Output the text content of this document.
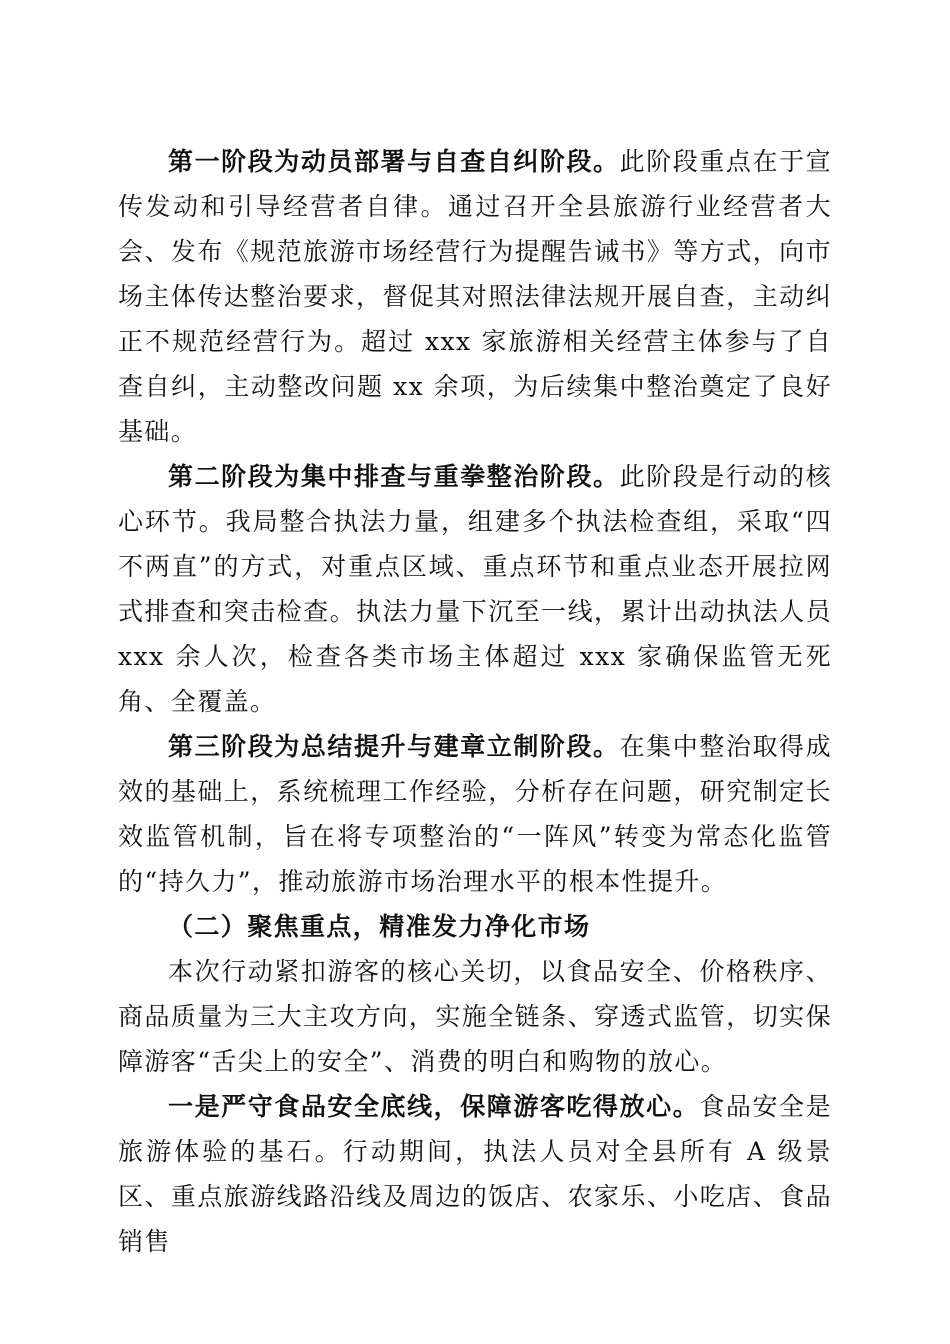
第一阶段为动员部署与自查自纠阶段。此阶段重点在于宣传发动和引导经营者自律。通过召开全县旅游行业经营者大会、发布《规范旅游市场经营行为提醒告诫书》等方式，向市场主体传达整治要求，督促其对照法律法规开展自查，主动纠正不规范经营行为。超过 xxx 家旅游相关经营主体参与了自查自纠，主动整改问题 xx 余项，为后续集中整治奠定了良好基础。

第二阶段为集中排查与重拳整治阶段。此阶段是行动的核心环节。我局整合执法力量，组建多个执法检查组，采取“四不两直”的方式，对重点区域、重点环节和重点业态开展拉网式排查和突击检查。执法力量下沉至一线，累计出动执法人员 xxx 余人次，检查各类市场主体超过 xxx 家确保监管无死角、全覆盖。

第三阶段为总结提升与建章立制阶段。在集中整治取得成效的基础上，系统梳理工作经验，分析存在问题，研究制定长效监管机制，旨在将专项整治的“一阵风”转变为常态化监管的“持久力”，推动旅游市场治理水平的根本性提升。

（二）聚焦重点，精准发力净化市场

本次行动紧扣游客的核心关切，以食品安全、价格秩序、商品质量为三大主攻方向，实施全链条、穿透式监管，切实保障游客“舌尖上的安全”、消费的明白和购物的放心。

一是严守食品安全底线，保障游客吃得放心。食品安全是旅游体验的基石。行动期间，执法人员对全县所有 A 级景区、重点旅游线路沿线及周边的饭店、农家乐、小吃店、食品销售
